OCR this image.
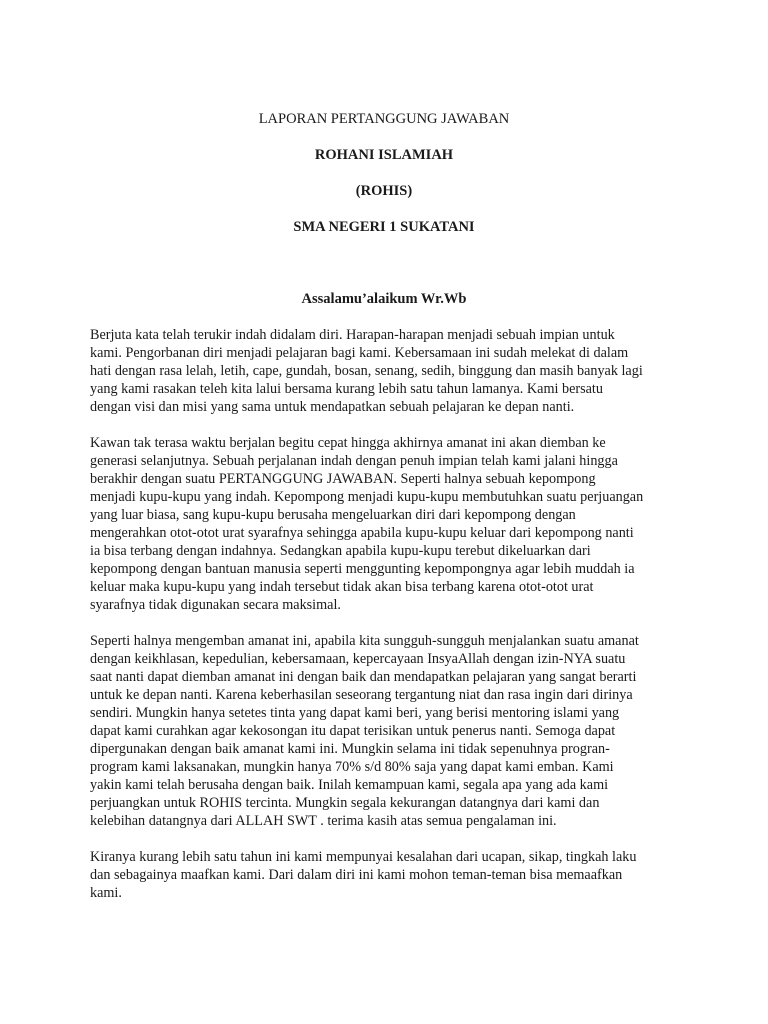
LAPORAN PERTANGGUNG JAWABAN
ROHANI ISLAMIAH
(ROHIS)
SMA NEGERI 1 SUKATANI
Assalamu’alaikum Wr.Wb
Berjuta kata telah terukir indah didalam diri. Harapan-harapan menjadi sebuah impian untuk
kami. Pengorbanan diri menjadi pelajaran bagi kami. Kebersamaan ini sudah melekat di dalam
hati dengan rasa lelah, letih, cape, gundah, bosan, senang, sedih, binggung dan masih banyak lagi
yang kami rasakan teleh kita lalui bersama kurang lebih satu tahun lamanya. Kami bersatu
dengan visi dan misi yang sama untuk mendapatkan sebuah pelajaran ke depan nanti.
Kawan tak terasa waktu berjalan begitu cepat hingga akhirnya amanat ini akan diemban ke
generasi selanjutnya. Sebuah perjalanan indah dengan penuh impian telah kami jalani hingga
berakhir dengan suatu PERTANGGUNG JAWABAN. Seperti halnya sebuah kepompong
menjadi kupu-kupu yang indah. Kepompong menjadi kupu-kupu membutuhkan suatu perjuangan
yang luar biasa, sang kupu-kupu berusaha mengeluarkan diri dari kepompong dengan
mengerahkan otot-otot urat syarafnya sehingga apabila kupu-kupu keluar dari kepompong nanti
ia bisa terbang dengan indahnya. Sedangkan apabila kupu-kupu terebut dikeluarkan dari
kepompong dengan bantuan manusia seperti menggunting kepompongnya agar lebih muddah ia
keluar maka kupu-kupu yang indah tersebut tidak akan bisa terbang karena otot-otot urat
syarafnya tidak digunakan secara maksimal.
Seperti halnya mengemban amanat ini, apabila kita sungguh-sungguh menjalankan suatu amanat
dengan keikhlasan, kepedulian, kebersamaan, kepercayaan InsyaAllah dengan izin-NYA suatu
saat nanti dapat diemban amanat ini dengan baik dan mendapatkan pelajaran yang sangat berarti
untuk ke depan nanti. Karena keberhasilan seseorang tergantung niat dan rasa ingin dari dirinya
sendiri. Mungkin hanya setetes tinta yang dapat kami beri, yang berisi mentoring islami yang
dapat kami curahkan agar kekosongan itu dapat terisikan untuk penerus nanti. Semoga dapat
dipergunakan dengan baik amanat kami ini. Mungkin selama ini tidak sepenuhnya progran-
program kami laksanakan, mungkin hanya 70% s/d 80% saja yang dapat kami emban. Kami
yakin kami telah berusaha dengan baik. Inilah kemampuan kami, segala apa yang ada kami
perjuangkan untuk ROHIS tercinta. Mungkin segala kekurangan datangnya dari kami dan
kelebihan datangnya dari ALLAH SWT . terima kasih atas semua pengalaman ini.
Kiranya kurang lebih satu tahun ini kami mempunyai kesalahan dari ucapan, sikap, tingkah laku
dan sebagainya maafkan kami. Dari dalam diri ini kami mohon teman-teman bisa memaafkan
kami.
